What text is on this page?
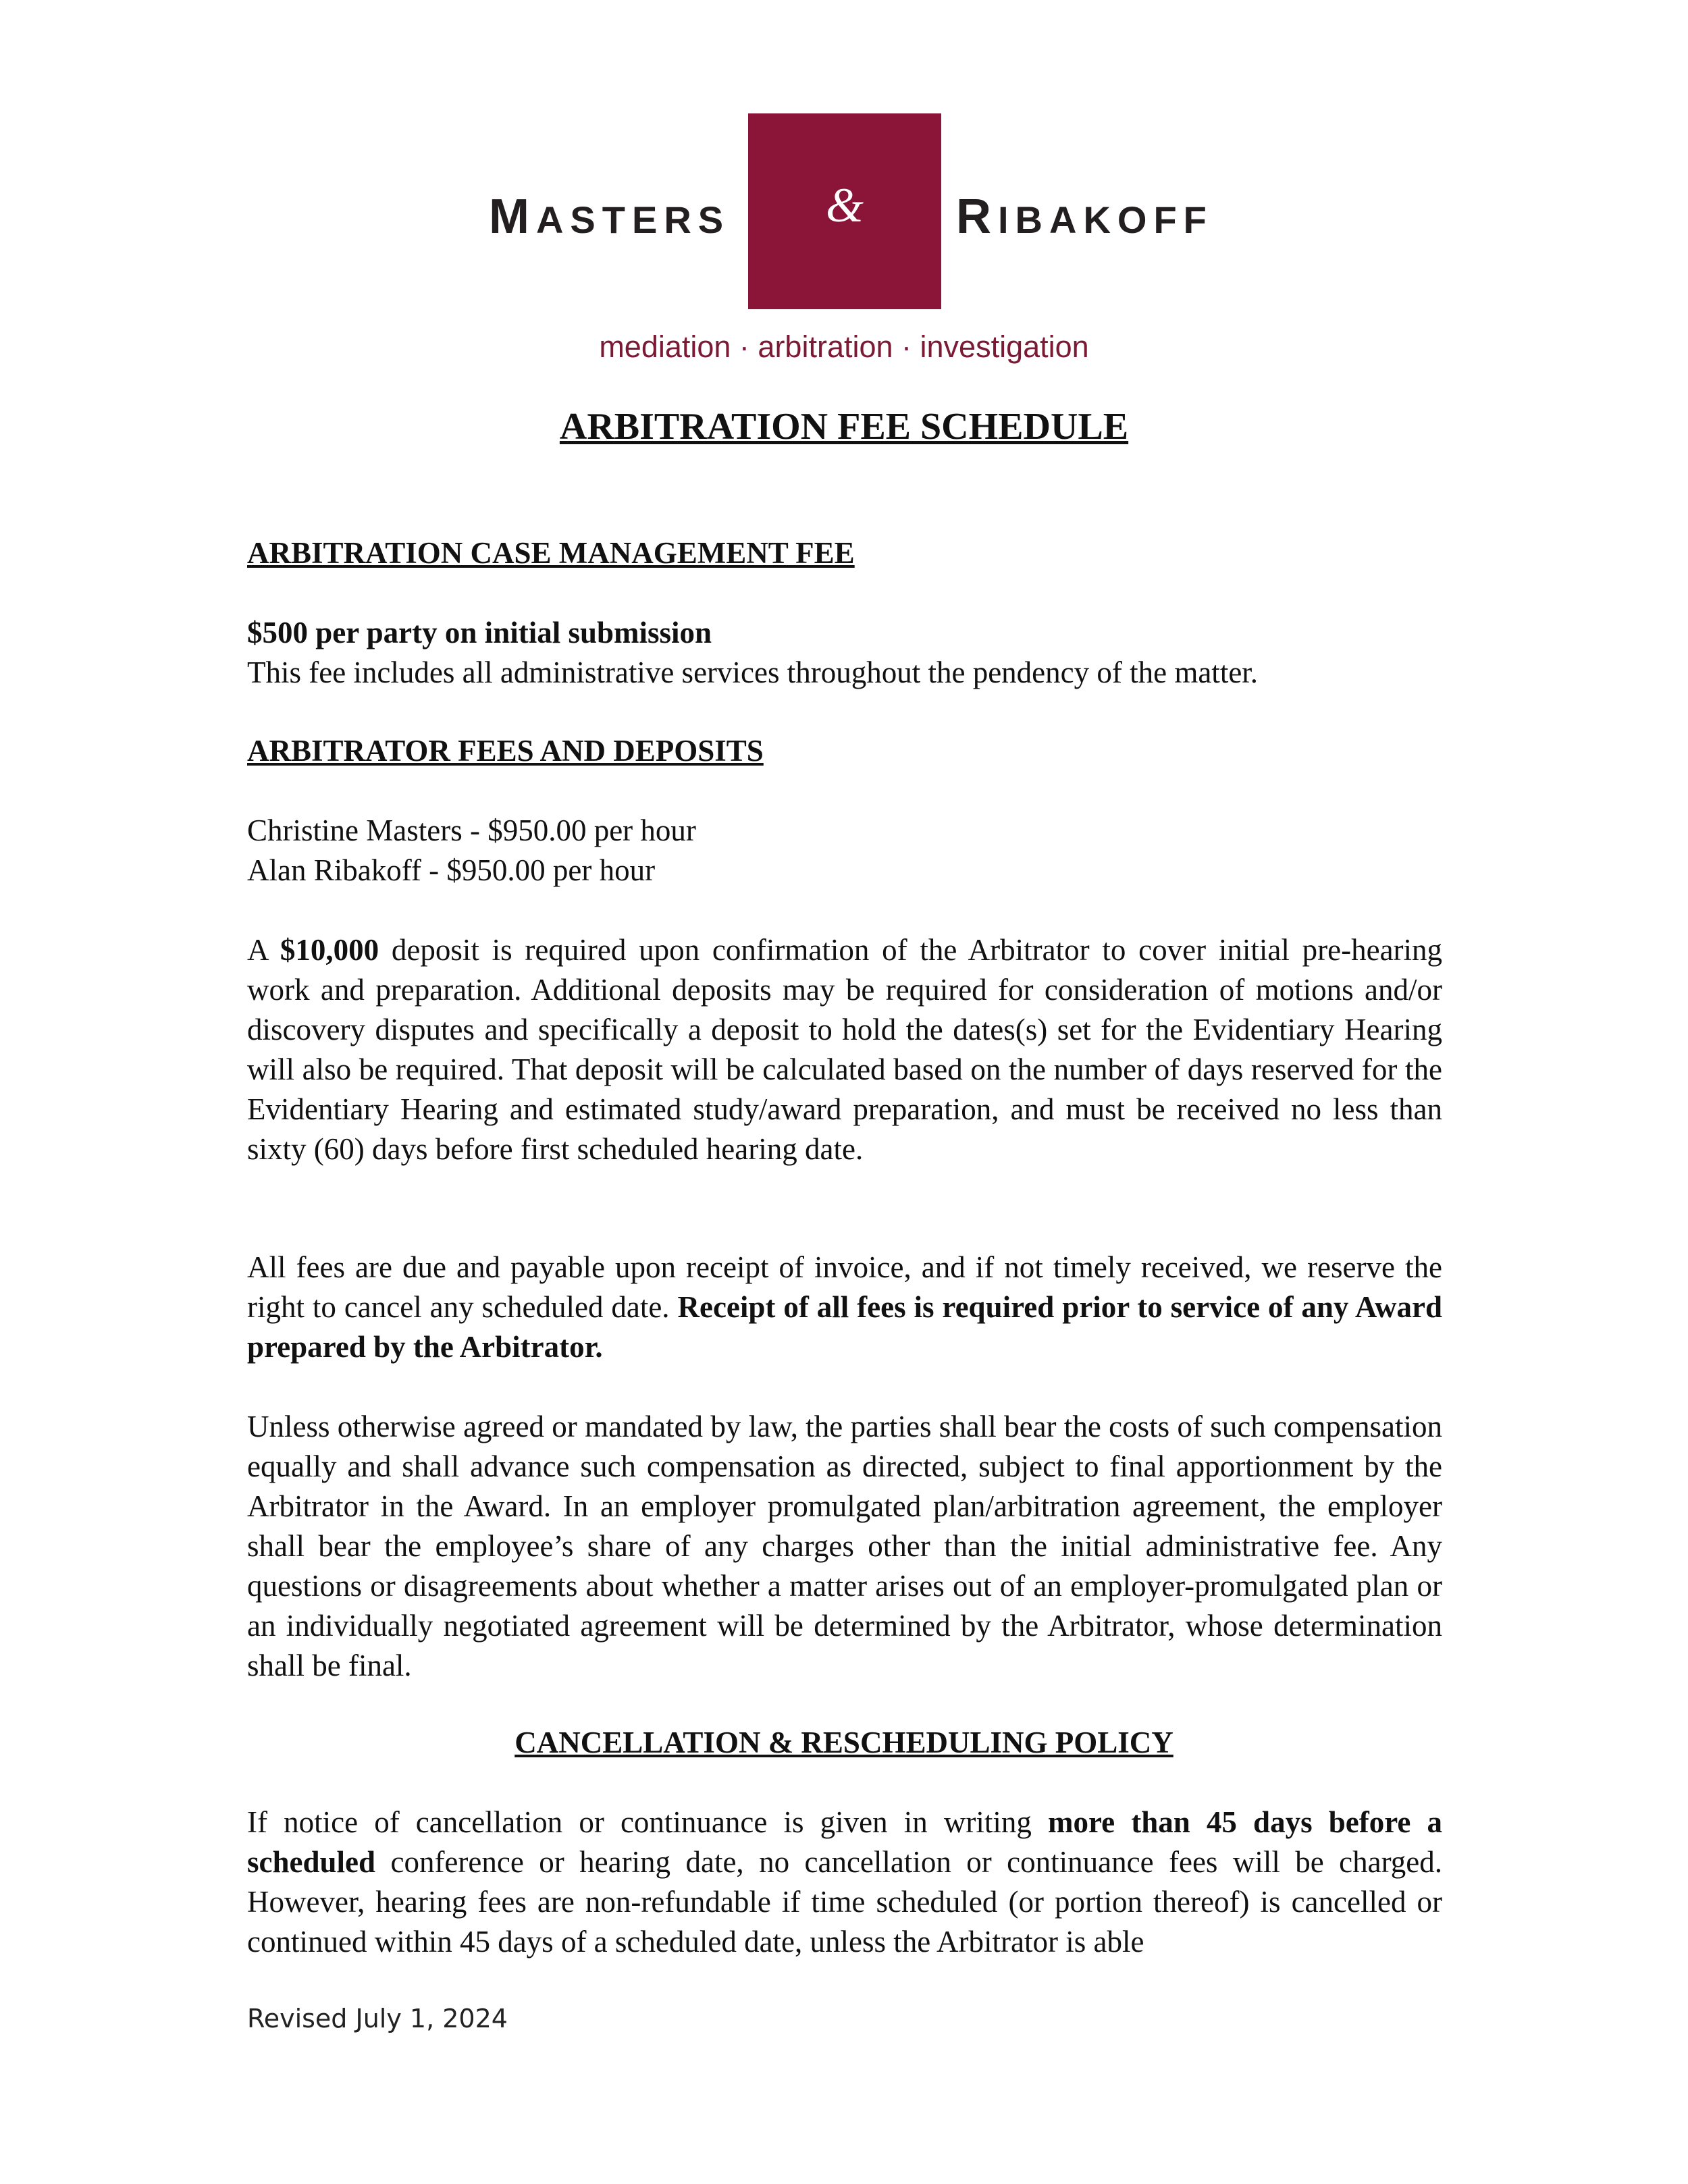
MASTERS	&	RIBAKOFF
mediation · arbitration · investigation
ARBITRATION FEE SCHEDULE
ARBITRATION CASE MANAGEMENT FEE
$500 per party on initial submission
This fee includes all administrative services throughout the pendency of the matter.
ARBITRATOR FEES AND DEPOSITS
Christine Masters - $950.00 per hour
Alan Ribakoff - $950.00 per hour
A $10,000 deposit is required upon confirmation of the Arbitrator to cover initial pre-hearing work and preparation. Additional deposits may be required for consideration of motions and/or discovery disputes and specifically a deposit to hold the dates(s) set for the Evidentiary Hearing will also be required. That deposit will be calculated based on the number of days reserved for the Evidentiary Hearing and estimated study/award preparation, and must be received no less than sixty (60) days before first scheduled hearing date.
All fees are due and payable upon receipt of invoice, and if not timely received, we reserve the right to cancel any scheduled date. Receipt of all fees is required prior to service of any Award prepared by the Arbitrator.
Unless otherwise agreed or mandated by law, the parties shall bear the costs of such compensation equally and shall advance such compensation as directed, subject to final apportionment by the Arbitrator in the Award. In an employer promulgated plan/arbitration agreement, the employer shall bear the employee’s share of any charges other than the initial administrative fee. Any questions or disagreements about whether a matter arises out of an employer-promulgated plan or an individually negotiated agreement will be determined by the Arbitrator, whose determination shall be final.
CANCELLATION & RESCHEDULING POLICY
If notice of cancellation or continuance is given in writing more than 45 days before a scheduled conference or hearing date, no cancellation or continuance fees will be charged. However, hearing fees are non-refundable if time scheduled (or portion thereof) is cancelled or continued within 45 days of a scheduled date, unless the Arbitrator is able
Revised July 1, 2024
